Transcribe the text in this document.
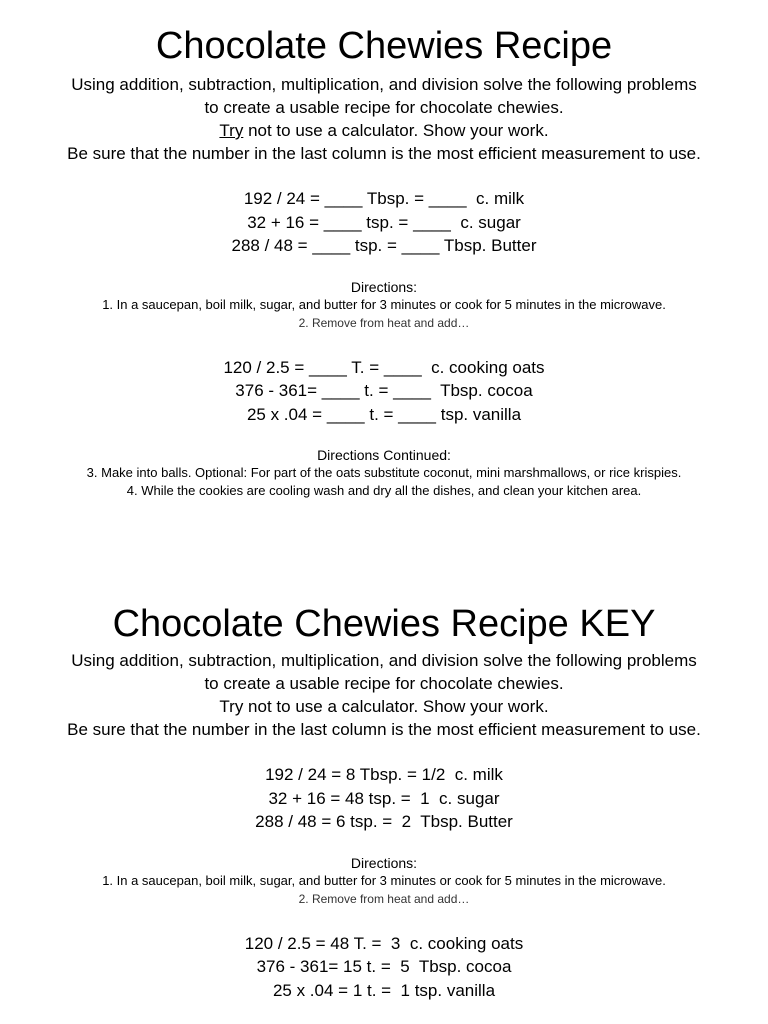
Chocolate Chewies Recipe

Using addition, subtraction, multiplication, and division solve the following problems

to create a usable recipe for chocolate chewies.

Try not to use a calculator. Show your work.

Be sure that the number in the last column is the most efficient measurement to use.

192 / 24 = ____ Tbsp. = ____  c. milk
32 + 16 = ____ tsp. = ____  c. sugar
288 / 48 = ____ tsp. = ____ Tbsp. Butter

Directions:

1. In a saucepan, boil milk, sugar, and butter for 3 minutes or cook for 5 minutes in the microwave.

2. Remove from heat and add…

120 / 2.5 = ____ T. = ____  c. cooking oats
376 - 361= ____ t. = ____  Tbsp. cocoa
25 x .04 = ____ t. = ____ tsp. vanilla

Directions Continued:

3. Make into balls. Optional: For part of the oats substitute coconut, mini marshmallows, or rice krispies.

4. While the cookies are cooling wash and dry all the dishes, and clean your kitchen area.

Chocolate Chewies Recipe KEY

Using addition, subtraction, multiplication, and division solve the following problems

to create a usable recipe for chocolate chewies.

Try not to use a calculator. Show your work.

Be sure that the number in the last column is the most efficient measurement to use.

192 / 24 = 8 Tbsp. = 1/2  c. milk
32 + 16 = 48 tsp. =  1  c. sugar
288 / 48 = 6 tsp. =  2  Tbsp. Butter

Directions:

1. In a saucepan, boil milk, sugar, and butter for 3 minutes or cook for 5 minutes in the microwave.

2. Remove from heat and add…

120 / 2.5 = 48 T. =  3  c. cooking oats
376 - 361= 15 t. =  5  Tbsp. cocoa
25 x .04 = 1 t. =  1 tsp. vanilla
